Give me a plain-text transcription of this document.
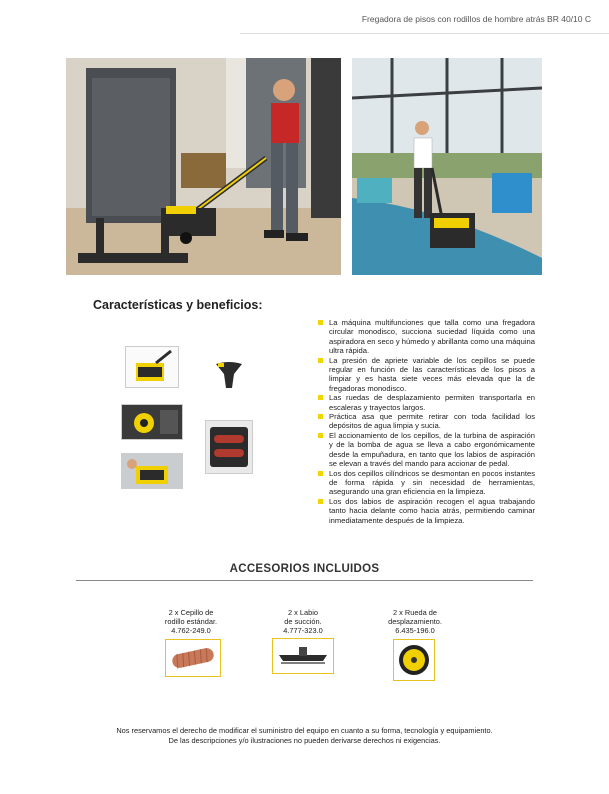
Fregadora de pisos con rodillos de hombre atrás BR 40/10 C
Características y beneficios:
La máquina multifunciones que talla como una fregadora circular monodisco, succiona suciedad líquida como una aspiradora en seco y húmedo y abrillanta como una máquina ultra rápida.
La presión de apriete variable de los cepillos se puede regular en función de las características de los pisos a limpiar y es hasta siete veces más elevada que la de fregadoras monodisco.
Las ruedas de desplazamiento permiten transportarla en escaleras y trayectos largos.
Práctica asa que permite retirar con toda facilidad los depósitos de agua limpia y sucia.
El accionamiento de los cepillos, de la turbina de aspiración y de la bomba de agua se lleva a cabo ergonómicamente desde la empuñadura, en tanto que los labios de aspiración se elevan a través del mando para accionar de pedal.
Los dos cepillos cilíndricos se desmontan en pocos instantes de forma rápida y sin necesidad de herramientas, asegurando una gran eficiencia en la limpieza.
Los dos labios de aspiración recogen el agua trabajando tanto hacia delante como hacia atrás, permitiendo caminar inmediatamente después de la limpieza.
ACCESORIOS INCLUIDOS
2 x Cepillo de
rodillo estándar.
4.762-249.0
2 x Labio
de succión.
4.777-323.0
2 x Rueda de
desplazamiento.
6.435-196.0
Nos reservamos el derecho de modificar el suministro del equipo en cuanto a su forma, tecnología y equipamiento.
De las descripciones y/o ilustraciones no pueden derivarse derechos ni exigencias.
